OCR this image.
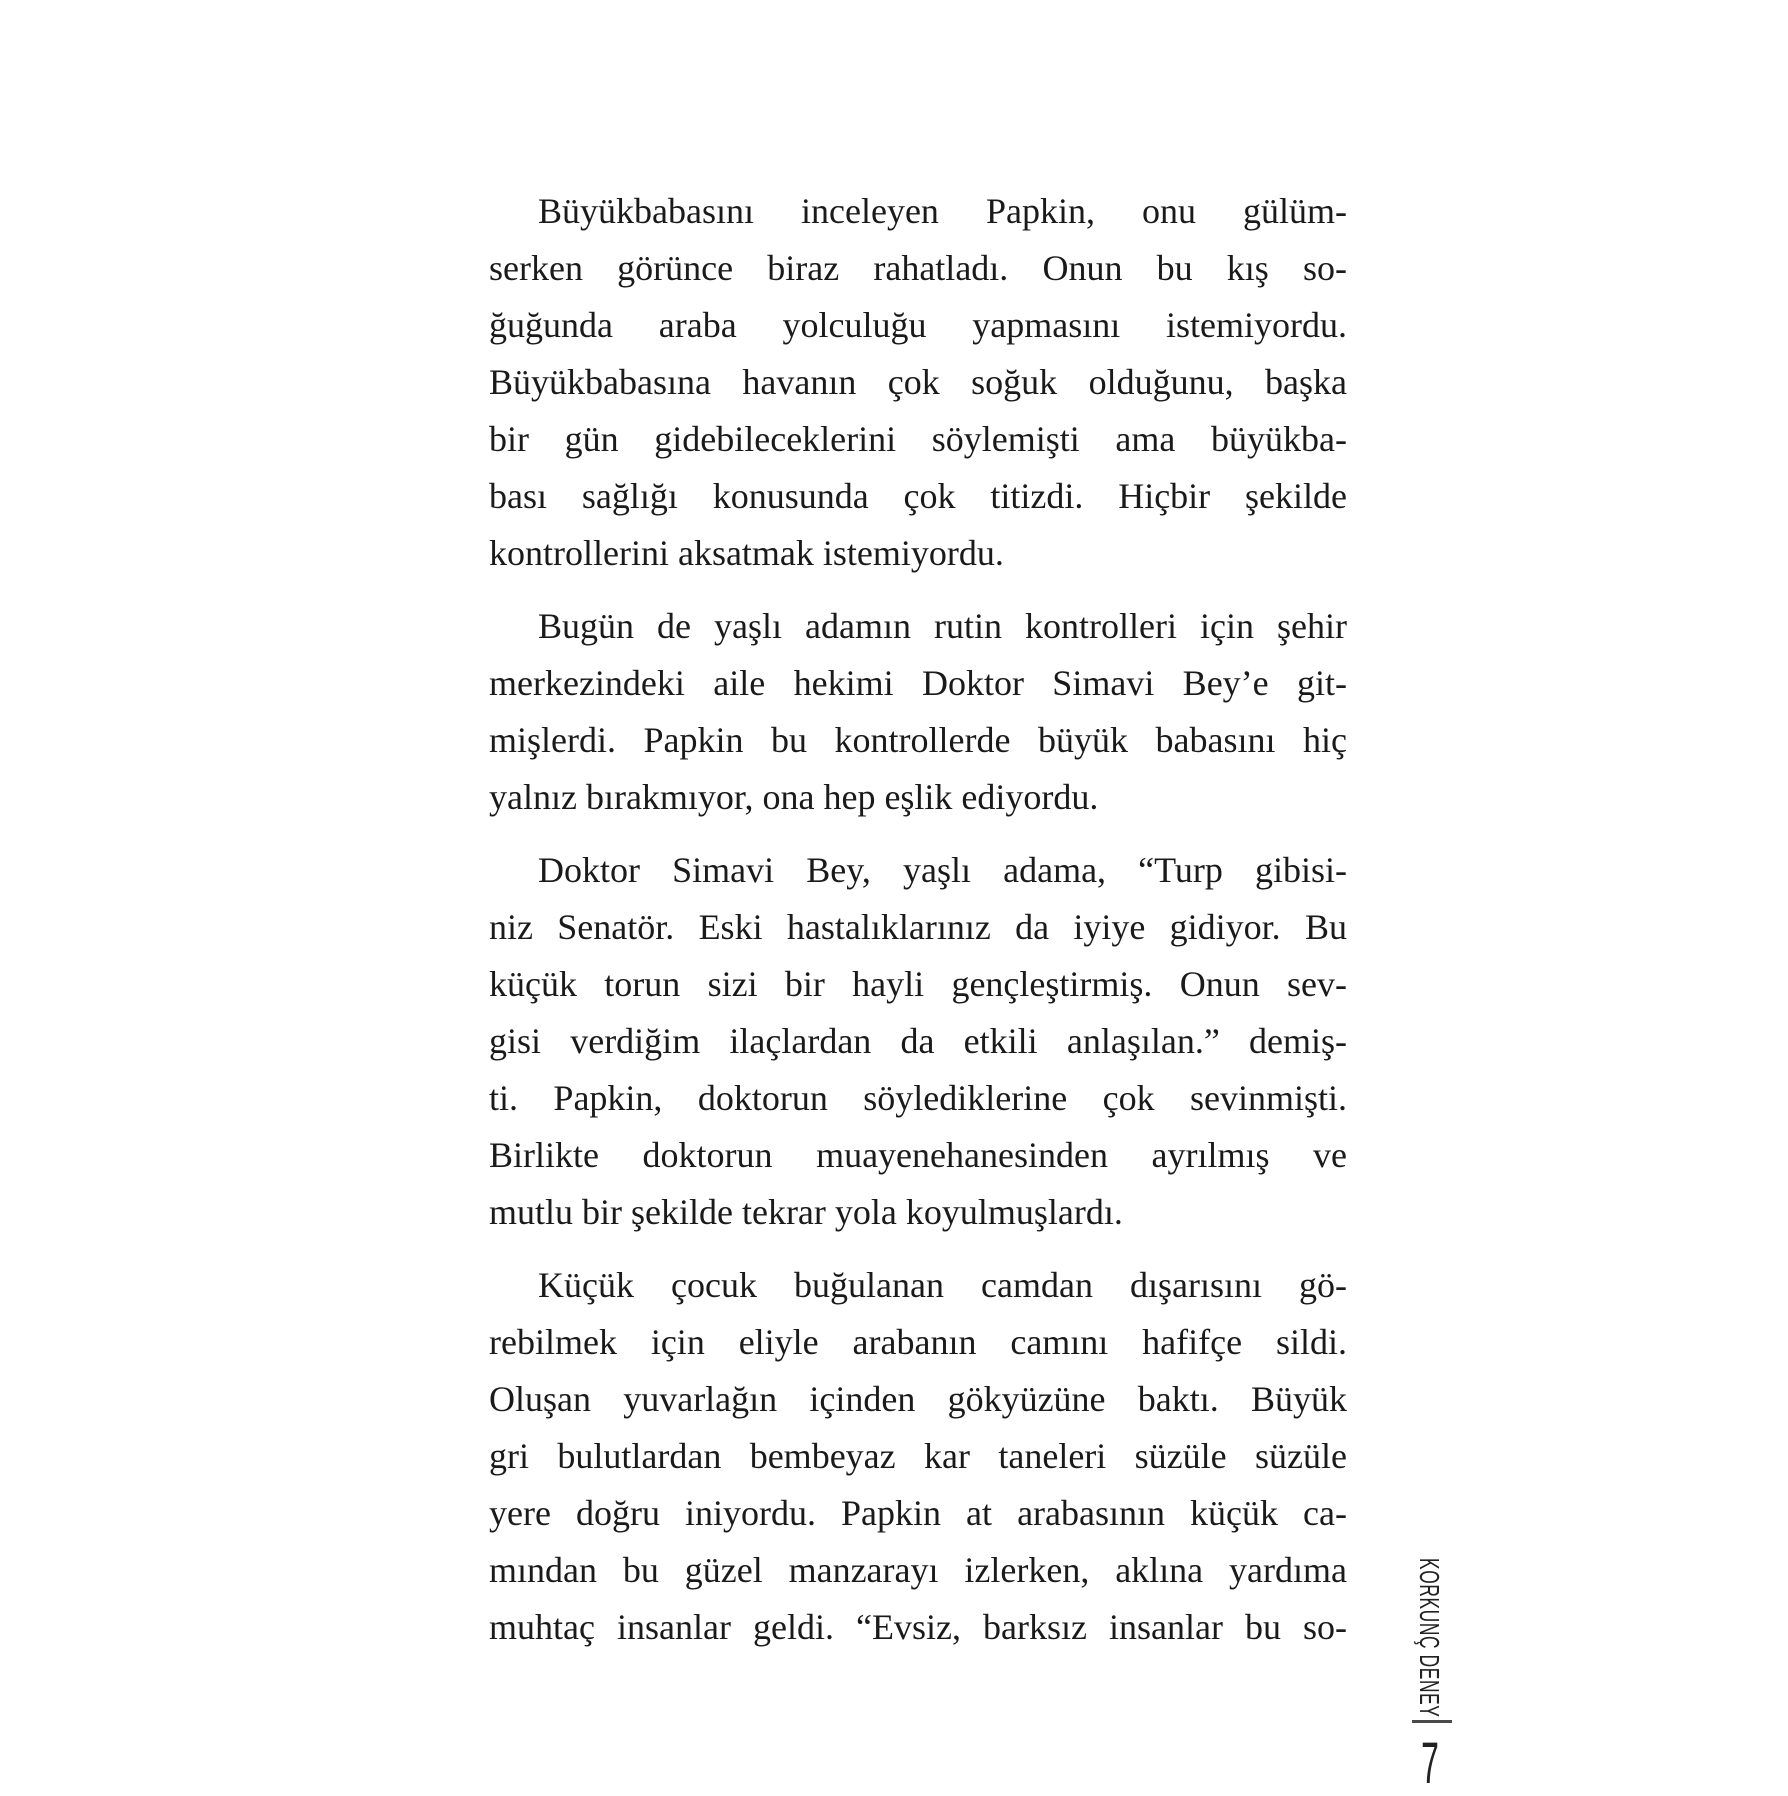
Büyükbabasını inceleyen Papkin, onu gülüm-
serken görünce biraz rahatladı. Onun bu kış so-
ğuğunda araba yolculuğu yapmasını istemiyordu.
Büyükbabasına havanın çok soğuk olduğunu, başka
bir gün gidebileceklerini söylemişti ama büyükba-
bası sağlığı konusunda çok titizdi. Hiçbir şekilde
kontrollerini aksatmak istemiyordu.
Bugün de yaşlı adamın rutin kontrolleri için şehir
merkezindeki aile hekimi Doktor Simavi Bey’e git-
mişlerdi. Papkin bu kontrollerde büyük babasını hiç
yalnız bırakmıyor, ona hep eşlik ediyordu.
Doktor Simavi Bey, yaşlı adama, “Turp gibisi-
niz Senatör. Eski hastalıklarınız da iyiye gidiyor. Bu
küçük torun sizi bir hayli gençleştirmiş. Onun sev-
gisi verdiğim ilaçlardan da etkili anlaşılan.” demiş-
ti. Papkin, doktorun söylediklerine çok sevinmişti.
Birlikte doktorun muayenehanesinden ayrılmış ve
mutlu bir şekilde tekrar yola koyulmuşlardı.
Küçük çocuk buğulanan camdan dışarısını gö-
rebilmek için eliyle arabanın camını hafifçe sildi.
Oluşan yuvarlağın içinden gökyüzüne baktı. Büyük
gri bulutlardan bembeyaz kar taneleri süzüle süzüle
yere doğru iniyordu. Papkin at arabasının küçük ca-
mından bu güzel manzarayı izlerken, aklına yardıma
muhtaç insanlar geldi. “Evsiz, barksız insanlar bu so- KORKUNÇ DENEY
7
